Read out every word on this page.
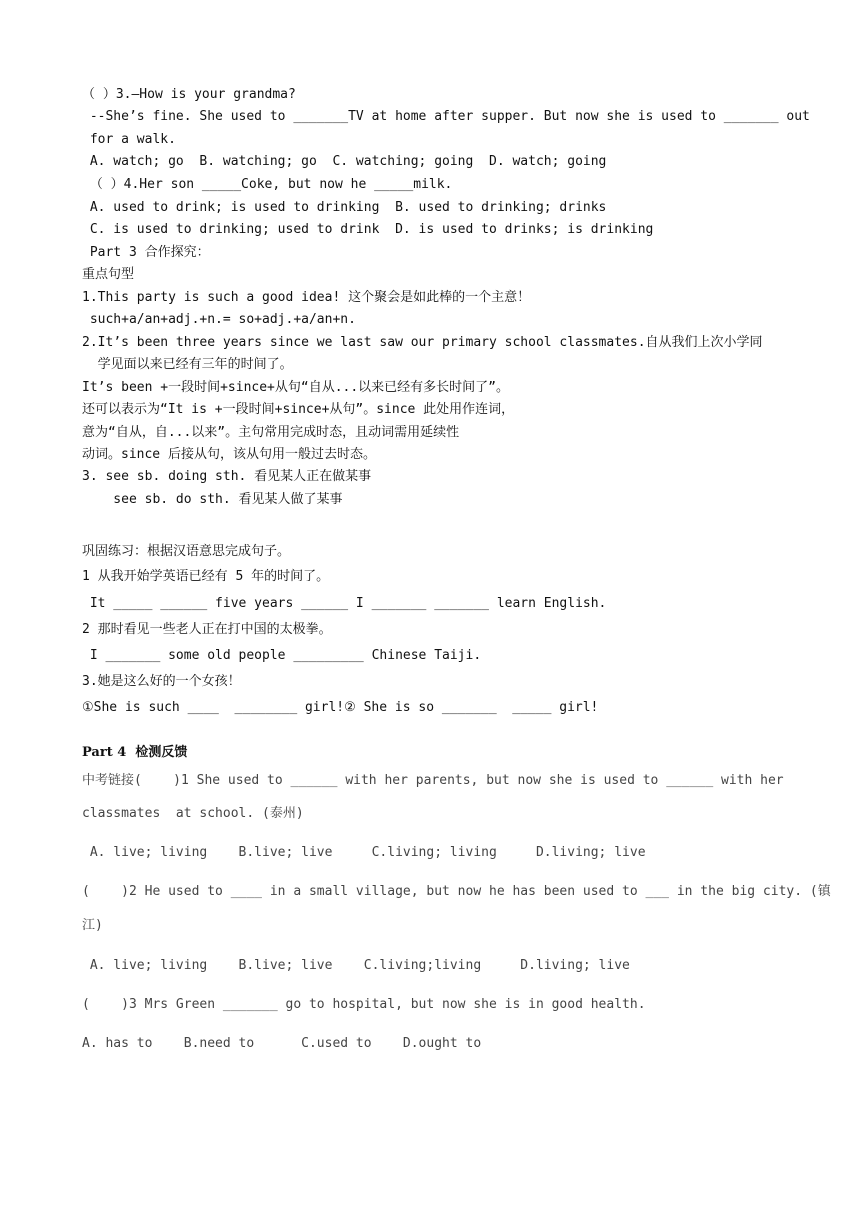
（ ）3.—How is your grandma?
--She’s fine. She used to _______TV at home after supper. But now she is used to _______ out
for a walk.
A. watch; go  B. watching; go  C. watching; going  D. watch; going
（ ）4.Her son _____Coke, but now he _____milk.
A. used to drink; is used to drinking  B. used to drinking; drinks
C. is used to drinking; used to drink  D. is used to drinks; is drinking
Part 3 合作探究：
重点句型
1.This party is such a good idea! 这个聚会是如此棒的一个主意！
such+a/an+adj.+n.= so+adj.+a/an+n.
2.It’s been three years since we last saw our primary school classmates.自从我们上次小学同
学见面以来已经有三年的时间了。
It’s been +一段时间+since+从句“自从...以来已经有多长时间了”。
还可以表示为“It is +一段时间+since+从句”。since 此处用作连词，
意为“自从，自...以来”。主句常用完成时态，且动词需用延续性
动词。since 后接从句，该从句用一般过去时态。
3. see sb. doing sth. 看见某人正在做某事
see sb. do sth. 看见某人做了某事
巩固练习：根据汉语意思完成句子。
1 从我开始学英语已经有 5 年的时间了。
It _____ ______ five years ______ I _______ _______ learn English.
2 那时看见一些老人正在打中国的太极拳。
I _______ some old people _________ Chinese Taiji.
3.她是这么好的一个女孩！
①She is such ____  ________ girl!② She is so _______  _____ girl!
Part 4  检测反馈
中考链接(    )1 She used to ______ with her parents, but now she is used to ______ with her
classmates  at school. (泰州)
A. live; living    B.live; live     C.living; living     D.living; live
(    )2 He used to ____ in a small village, but now he has been used to ___ in the big city. (镇
江)
A. live; living    B.live; live    C.living;living     D.living; live
(    )3 Mrs Green _______ go to hospital, but now she is in good health.
A. has to    B.need to      C.used to    D.ought to
